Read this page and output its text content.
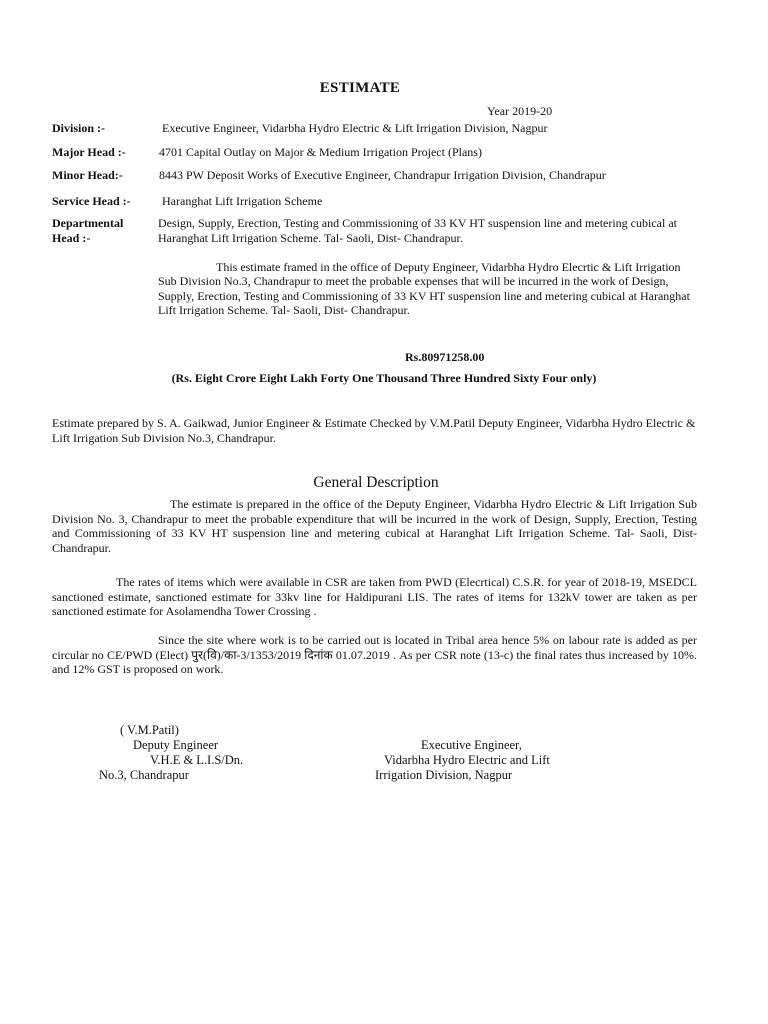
ESTIMATE
Year 2019-20
Division :-	Executive Engineer, Vidarbha Hydro Electric & Lift Irrigation Division, Nagpur
Major Head :-	4701 Capital Outlay on Major & Medium Irrigation Project (Plans)
Minor Head:-	8443 PW Deposit Works of Executive Engineer, Chandrapur Irrigation Division, Chandrapur
Service Head :-	Haranghat Lift Irrigation Scheme
Departmental Head :-
Design, Supply, Erection, Testing and Commissioning of 33 KV HT suspension line and metering cubical at Haranghat Lift Irrigation Scheme. Tal- Saoli, Dist- Chandrapur.
This estimate framed in the office of Deputy Engineer, Vidarbha Hydro Elecrtic & Lift Irrigation Sub Division No.3, Chandrapur to meet the probable expenses that will be incurred in the work of Design, Supply, Erection, Testing and Commissioning of 33 KV HT suspension line and metering cubical at Haranghat Lift Irrigation Scheme. Tal- Saoli, Dist- Chandrapur.
Rs.80971258.00
(Rs. Eight Crore Eight Lakh Forty One Thousand Three Hundred Sixty Four only)
Estimate prepared by S. A. Gaikwad, Junior Engineer & Estimate Checked by V.M.Patil Deputy Engineer, Vidarbha Hydro Electric & Lift Irrigation Sub Division No.3, Chandrapur.
General Description
The estimate is prepared in the office of the Deputy Engineer, Vidarbha Hydro Electric & Lift Irrigation Sub Division No. 3, Chandrapur to meet the probable expenditure that will be incurred in the work of Design, Supply, Erection, Testing and Commissioning of 33 KV HT suspension line and metering cubical at Haranghat Lift Irrigation Scheme. Tal- Saoli, Dist- Chandrapur.
The rates of items which were available in CSR are taken from PWD (Elecrtical) C.S.R. for year of 2018-19, MSEDCL sanctioned estimate, sanctioned estimate for 33kv line for Haldipurani LIS. The rates of items for 132kV tower are taken as per sanctioned estimate for Asolamendha Tower Crossing .
Since the site where work is to be carried out is located in Tribal area hence 5% on labour rate is added as per circular no CE/PWD (Elect) पुर(वि)/का-3/1353/2019 दिनांक 01.07.2019 . As per CSR note (13-c) the final rates thus increased by 10%. and 12% GST is proposed on work.
( V.M.Patil)
Deputy Engineer
V.H.E & L.I.S/Dn.
No.3, Chandrapur
Executive Engineer,
Vidarbha Hydro Electric and Lift
Irrigation Division, Nagpur
